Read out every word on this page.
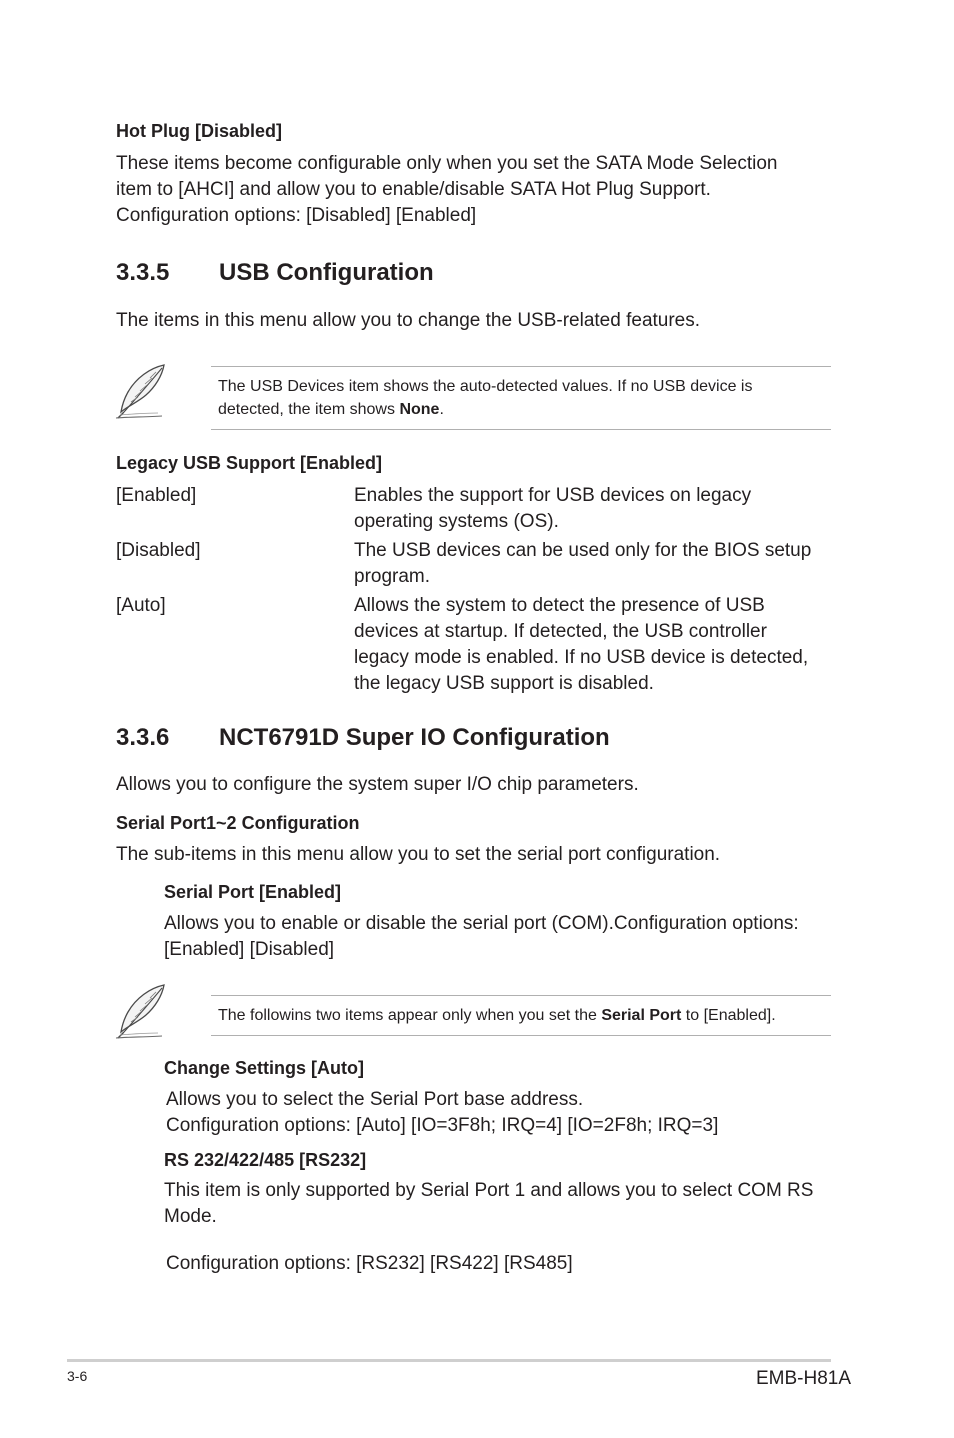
Hot Plug [Disabled]
These items become configurable only when you set the SATA Mode Selection
item to [AHCI] and allow you to enable/disable SATA Hot Plug Support.
Configuration options: [Disabled] [Enabled]
3.3.5 USB Configuration
The items in this menu allow you to change the USB-related features.
The USB Devices item shows the auto-detected values. If no USB device is
detected, the item shows None.
Legacy USB Support [Enabled]
[Enabled]	Enables the support for USB devices on legacy
operating systems (OS).
[Disabled]	The USB devices can be used only for the BIOS setup
program.
[Auto]	Allows the system to detect the presence of USB
devices at startup. If detected, the USB controller
legacy mode is enabled. If no USB device is detected,
the legacy USB support is disabled.
3.3.6 NCT6791D Super IO Configuration
Allows you to configure the system super I/O chip parameters.
Serial Port1~2 Configuration
The sub-items in this menu allow you to set the serial port configuration.
Serial Port [Enabled]
Allows you to enable or disable the serial port (COM).Configuration options:
[Enabled] [Disabled]
The followins two items appear only when you set the Serial Port to [Enabled].
Change Settings [Auto]
Allows you to select the Serial Port base address.
Configuration options: [Auto] [IO=3F8h; IRQ=4] [IO=2F8h; IRQ=3]
RS 232/422/485 [RS232]
This item is only supported by Serial Port 1 and allows you to select COM RS
Mode.
Configuration options: [RS232] [RS422] [RS485]
3-6	EMB-H81A
